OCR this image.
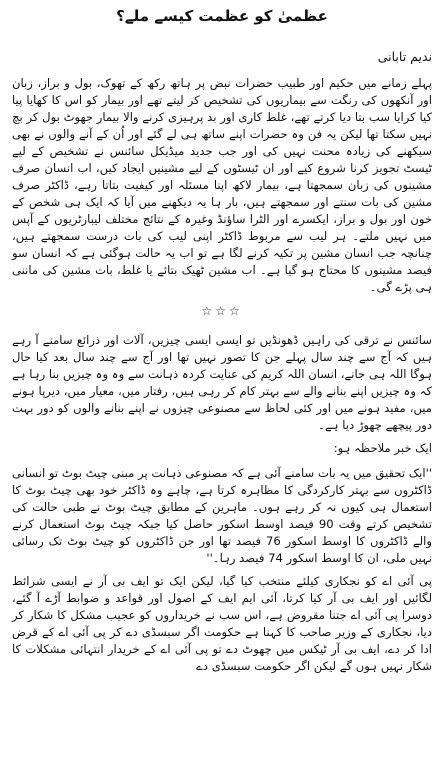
عظمیٰ کو عظمت کیسے ملے؟
ندیم تابانی

پہلے زمانے میں حکیم اور طبیب حضرات نبض پر ہاتھ رکھ کے تھوک، بول و براز، زبان اور آنکھوں کی رنگت سے بیماریوں کی تشخیص کر لیتے تھے اور بیمار کو اس کا کھایا پیا کیا کرایا سب بتا دیا کرتے تھے، غلط کاری اور بد پرہیزی کرنے والا بیمار جھوٹ بول کر بچ نہیں سکتا تھا لیکن یہ فن وہ حضرات اپنے ساتھ ہی لے گئے اور اُن کے آنے والوں نے بھی سیکھنے کی زیادہ محنت نہیں کی اور جب جدید میڈیکل سائنس نے تشخیص کے لیے ٹیسٹ تجویز کرنا شروع کیے اور ان ٹیسٹوں کے لیے مشینیں ایجاد کیں، اب انسان صرف مشینوں کی زبان سمجھتا ہے، بیمار لاکھ اپنا مسئلہ اور کیفیت بتاتا رہے، ڈاکٹر صرف مشین کی بات سنتے اور سمجھتے ہیں، بار ہا یہ دیکھنے میں آیا کہ ایک ہی شخص کے خون اور بول و براز، ایکسرے اور الٹرا ساؤنڈ وغیرہ کے نتائج مختلف لیبارٹریوں کے آپس میں نہیں ملتے۔ ہر لیب سے مربوط ڈاکٹر اپنی لیب کی بات درست سمجھتے ہیں، چنانچہ جب انسان مشین پر تکیہ کرنے لگا ہے تو اب یہ حالت ہوگئی ہے کہ انسان سو فیصد مشینوں کا محتاج ہو گیا ہے۔ اب مشین ٹھیک بتائے یا غلط، بات مشین کی ماننی ہی پڑے گی۔

☆☆☆

سائنس نے ترقی کی راہیں ڈھونڈیں تو ایسی ایسی چیزیں، آلات اور ذرائع سامنے آ رہے ہیں کہ آج سے چند سال پہلے جن کا تصور نہیں تھا اور آج سے چند سال بعد کیا حال ہوگا اللہ ہی جانے، انسان اللہ کریم کی عنایت کردہ ذہانت سے وہ وہ چیزیں بنا رہا ہے کہ وہ چیزیں اپنے بنانے والے سے بہتر کام کر رہی ہیں، رفتار میں، معیار میں، دیرپا ہونے میں، مفید ہونے میں اور کئی لحاظ سے مصنوعی چیزوں نے اپنے بنانے والوں کو دور بہت دور پیچھے چھوڑ دیا ہے۔

ایک خبر ملاحظہ ہو:

''ایک تحقیق میں یہ بات سامنے آئی ہے کہ مصنوعی ذہانت پر مبنی چیٹ بوٹ تو انسانی ڈاکٹروں سے بہتر کارکردگی کا مظاہرہ کرتا ہے، چاہے وہ ڈاکٹر خود بھی چیٹ بوٹ کا استعمال ہی کیوں نہ کر رہے ہوں۔ ماہرین کے مطابق چیٹ بوٹ نے طبی حالت کی تشخیص کرتے وقت 90 فیصد اوسط اسکور حاصل کیا جبکہ چیٹ بوٹ استعمال کرنے والے ڈاکٹروں کا اوسط اسکور 76 فیصد تھا اور جن ڈاکٹروں کو چیٹ بوٹ تک رسائی نہیں ملی، ان کا اوسط اسکور 74 فیصد رہا۔''

پی آئی اے کو نجکاری کیلئے منتخب کیا گیا، لیکن ایک تو ایف بی آر نے ایسی شرائط لگائیں اور ایف بی آر کیا کرتا، آئی ایم ایف کے اصول اور قواعد و ضوابط آڑے آ گئے، دوسرا پی آئی اے جتنا مقروض ہے، اس سب نے خریداروں کو عجیب مشکل کا شکار کر دیا، نجکاری کے وزیر صاحب کا کہنا ہے حکومت اگر سبسڈی دے کر پی آئی اے کے قرض ادا کر دے، ایف بی آر ٹیکس میں چھوٹ دے تو پی آئی اے کے خریدار انتہائی مشکلات کا شکار نہیں ہوں گے لیکن اگر حکومت سبسڈی دے
